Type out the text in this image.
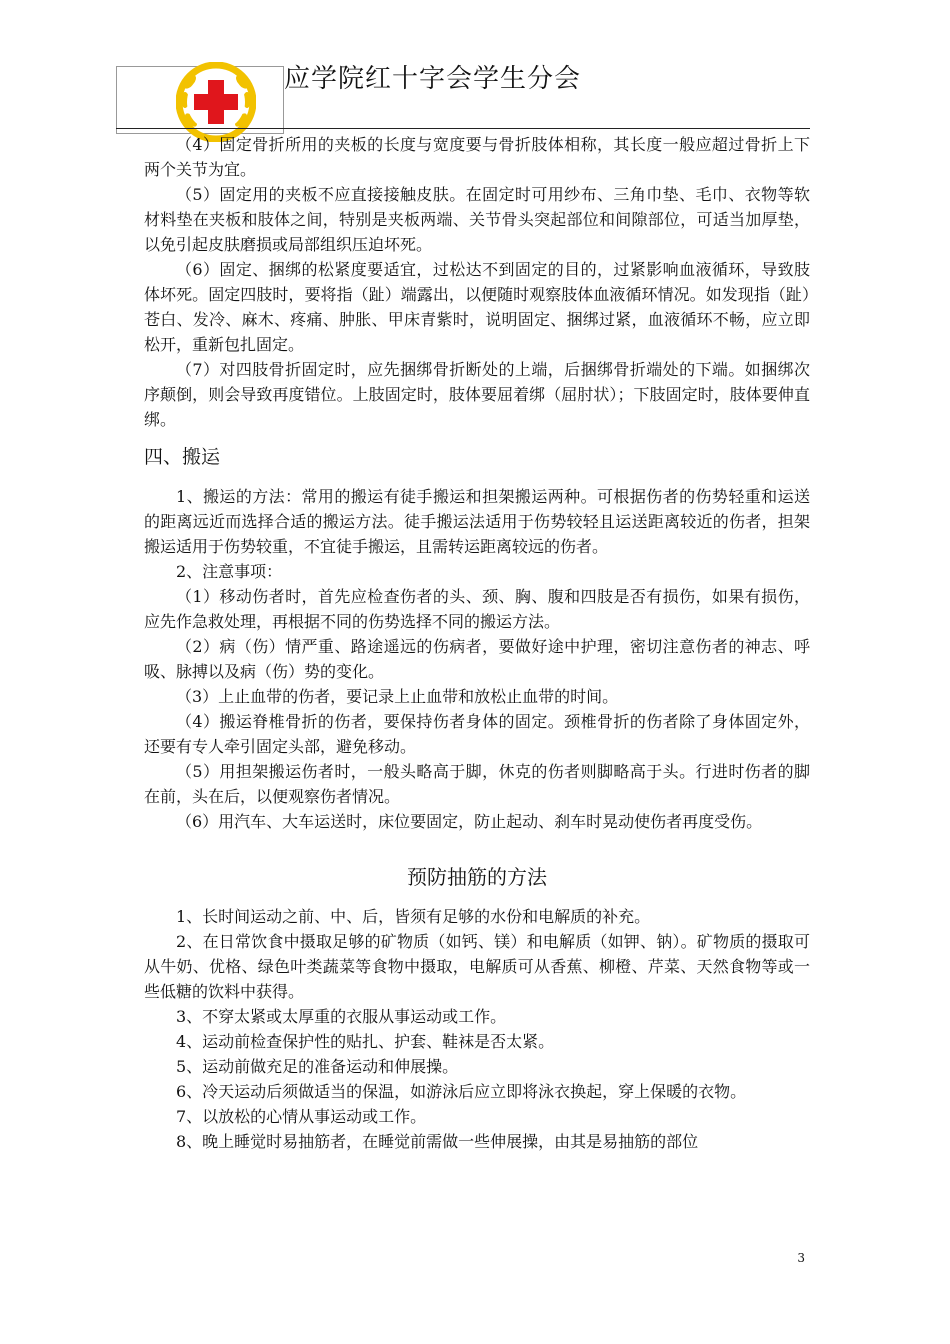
应学院红十字会学生分会

（4）固定骨折所用的夹板的长度与宽度要与骨折肢体相称，其长度一般应超过骨折上下两个关节为宜。

（5）固定用的夹板不应直接接触皮肤。在固定时可用纱布、三角巾垫、毛巾、衣物等软材料垫在夹板和肢体之间，特别是夹板两端、关节骨头突起部位和间隙部位，可适当加厚垫，以免引起皮肤磨损或局部组织压迫坏死。

（6）固定、捆绑的松紧度要适宜，过松达不到固定的目的，过紧影响血液循环，导致肢体坏死。固定四肢时，要将指（趾）端露出，以便随时观察肢体血液循环情况。如发现指（趾）苍白、发冷、麻木、疼痛、肿胀、甲床青紫时，说明固定、捆绑过紧，血液循环不畅，应立即松开，重新包扎固定。

（7）对四肢骨折固定时，应先捆绑骨折断处的上端，后捆绑骨折端处的下端。如捆绑次序颠倒，则会导致再度错位。上肢固定时，肢体要屈着绑（屈肘状）；下肢固定时，肢体要伸直绑。

四、搬运

1、搬运的方法：常用的搬运有徒手搬运和担架搬运两种。可根据伤者的伤势轻重和运送的距离远近而选择合适的搬运方法。徒手搬运法适用于伤势较轻且运送距离较近的伤者，担架搬运适用于伤势较重，不宜徒手搬运，且需转运距离较远的伤者。

2、注意事项：

（1）移动伤者时，首先应检查伤者的头、颈、胸、腹和四肢是否有损伤，如果有损伤，应先作急救处理，再根据不同的伤势选择不同的搬运方法。

（2）病（伤）情严重、路途遥远的伤病者，要做好途中护理，密切注意伤者的神志、呼吸、脉搏以及病（伤）势的变化。

（3）上止血带的伤者，要记录上止血带和放松止血带的时间。

（4）搬运脊椎骨折的伤者，要保持伤者身体的固定。颈椎骨折的伤者除了身体固定外，还要有专人牵引固定头部，避免移动。

（5）用担架搬运伤者时，一般头略高于脚，休克的伤者则脚略高于头。行进时伤者的脚在前，头在后，以便观察伤者情况。

（6）用汽车、大车运送时，床位要固定，防止起动、刹车时晃动使伤者再度受伤。

预防抽筋的方法

1、长时间运动之前、中、后，皆须有足够的水份和电解质的补充。

2、在日常饮食中摄取足够的矿物质（如钙、镁）和电解质（如钾、钠）。矿物质的摄取可从牛奶、优格、绿色叶类蔬菜等食物中摄取，电解质可从香蕉、柳橙、芹菜、天然食物等或一些低糖的饮料中获得。

3、不穿太紧或太厚重的衣服从事运动或工作。

4、运动前检查保护性的贴扎、护套、鞋袜是否太紧。

5、运动前做充足的准备运动和伸展操。

6、冷天运动后须做适当的保温，如游泳后应立即将泳衣换起，穿上保暖的衣物。

7、以放松的心情从事运动或工作。

8、晚上睡觉时易抽筋者，在睡觉前需做一些伸展操，由其是易抽筋的部位

3
